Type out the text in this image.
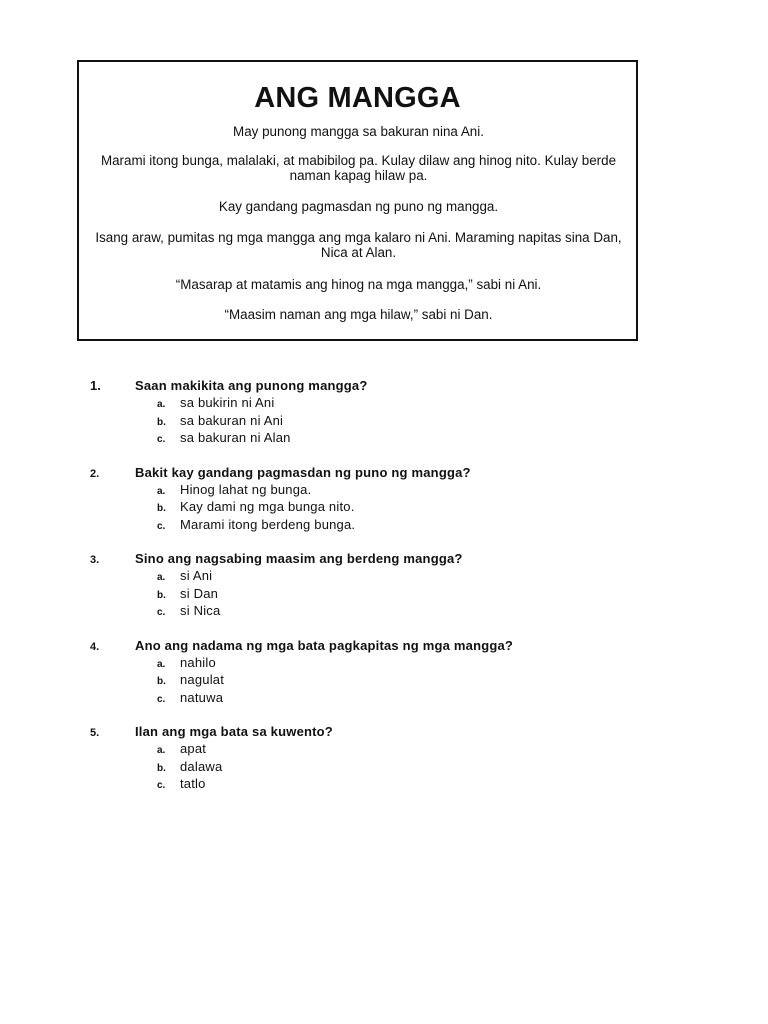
ANG MANGGA

May punong mangga sa bakuran nina Ani.

Marami itong bunga, malalaki, at mabibilog pa. Kulay dilaw ang hinog nito. Kulay berde naman kapag hilaw pa.

Kay gandang pagmasdan ng puno ng mangga.

Isang araw, pumitas ng mga mangga ang mga kalaro ni Ani. Maraming napitas sina Dan, Nica at Alan.

“Masarap at matamis ang hinog na mga mangga,” sabi ni Ani.

“Maasim naman ang mga hilaw,” sabi ni Dan.

1.	Saan makikita ang punong mangga?
a.	sa bukirin ni Ani
b.	sa bakuran ni Ani
c.	sa bakuran ni Alan
2.	Bakit kay gandang pagmasdan ng puno ng mangga?
a.	Hinog lahat ng bunga.
b.	Kay dami ng mga bunga nito.
c.	Marami itong berdeng bunga.
3.	Sino ang nagsabing maasim ang berdeng mangga?
a.	si Ani
b.	si Dan
c.	si Nica
4.	Ano ang nadama ng mga bata pagkapitas ng mga mangga?
a.	nahilo
b.	nagulat
c.	natuwa
5.	Ilan ang mga bata sa kuwento?
a.	apat
b.	dalawa
c.	tatlo
